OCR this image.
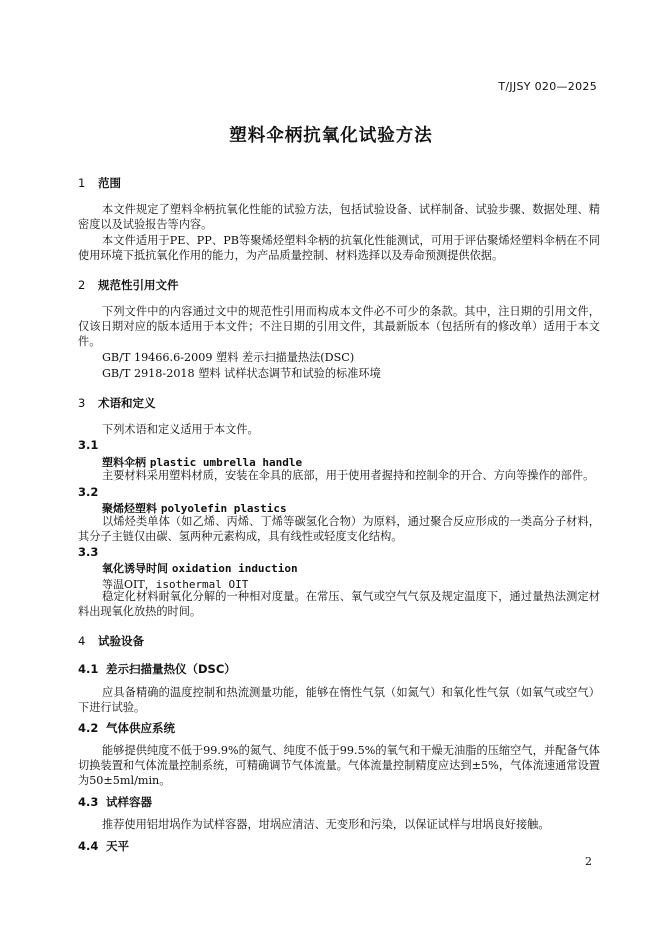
T/JJSY 020—2025
塑料伞柄抗氧化试验方法
1 范围
本文件规定了塑料伞柄抗氧化性能的试验方法，包括试验设备、试样制备、试验步骤、数据处理、精密度以及试验报告等内容。
本文件适用于PE、PP、PB等聚烯烃塑料伞柄的抗氧化性能测试，可用于评估聚烯烃塑料伞柄在不同使用环境下抵抗氧化作用的能力，为产品质量控制、材料选择以及寿命预测提供依据。
2 规范性引用文件
下列文件中的内容通过文中的规范性引用而构成本文件必不可少的条款。其中，注日期的引用文件，仅该日期对应的版本适用于本文件；不注日期的引用文件，其最新版本（包括所有的修改单）适用于本文件。
GB/T 19466.6-2009 塑料 差示扫描量热法(DSC)
GB/T 2918-2018 塑料 试样状态调节和试验的标准环境
3 术语和定义
下列术语和定义适用于本文件。
3.1
塑料伞柄 plastic umbrella handle
主要材料采用塑料材质，安装在伞具的底部，用于使用者握持和控制伞的开合、方向等操作的部件。
3.2
聚烯烃塑料 polyolefin plastics
以烯烃类单体（如乙烯、丙烯、丁烯等碳氢化合物）为原料，通过聚合反应形成的一类高分子材料，其分子主链仅由碳、氢两种元素构成，具有线性或轻度支化结构。
3.3
氧化诱导时间 oxidation induction
等温OIT，isothermal OIT
稳定化材料耐氧化分解的一种相对度量。在常压、氧气或空气气氛及规定温度下，通过量热法测定材料出现氧化放热的时间。
4 试验设备
4.1 差示扫描量热仪（DSC）
应具备精确的温度控制和热流测量功能，能够在惰性气氛（如氮气）和氧化性气氛（如氧气或空气）下进行试验。
4.2 气体供应系统
能够提供纯度不低于99.9%的氮气、纯度不低于99.5%的氧气和干燥无油脂的压缩空气，并配备气体切换装置和气体流量控制系统，可精确调节气体流量。气体流量控制精度应达到±5%，气体流速通常设置为50±5ml/min。
4.3 试样容器
推荐使用铝坩埚作为试样容器，坩埚应清洁、无变形和污染，以保证试样与坩埚良好接触。
4.4 天平
2
